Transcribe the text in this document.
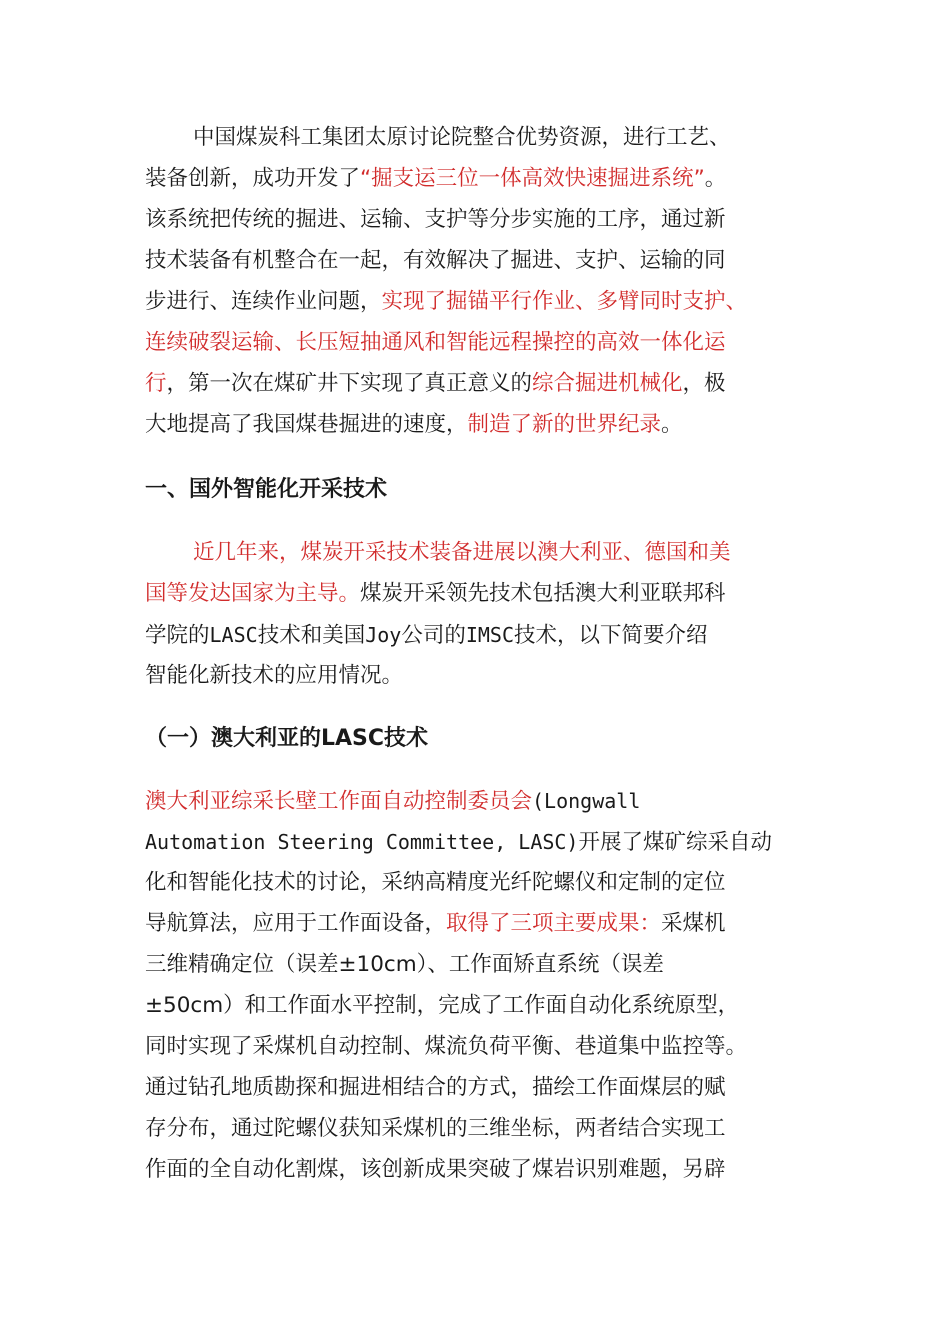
中国煤炭科工集团太原讨论院整合优势资源，进行工艺、
装备创新，成功开发了“掘支运三位一体高效快速掘进系统”。
该系统把传统的掘进、运输、支护等分步实施的工序，通过新
技术装备有机整合在一起，有效解决了掘进、支护、运输的同
步进行、连续作业问题，实现了掘锚平行作业、多臂同时支护、
连续破裂运输、长压短抽通风和智能远程操控的高效一体化运
行，第一次在煤矿井下实现了真正意义的综合掘进机械化，极
大地提高了我国煤巷掘进的速度，制造了新的世界纪录。
一、国外智能化开采技术
近几年来，煤炭开采技术装备进展以澳大利亚、德国和美
国等发达国家为主导。煤炭开采领先技术包括澳大利亚联邦科
学院的LASC技术和美国Joy公司的IMSC技术，以下简要介绍
智能化新技术的应用情况。
（一）澳大利亚的LASC技术
澳大利亚综采长壁工作面自动控制委员会(Longwall
Automation Steering Committee, LASC)开展了煤矿综采自动
化和智能化技术的讨论，采纳高精度光纤陀螺仪和定制的定位
导航算法，应用于工作面设备，取得了三项主要成果：采煤机
三维精确定位（误差±10cm）、工作面矫直系统（误差
±50cm）和工作面水平控制，完成了工作面自动化系统原型，
同时实现了采煤机自动控制、煤流负荷平衡、巷道集中监控等。
通过钻孔地质勘探和掘进相结合的方式，描绘工作面煤层的赋
存分布，通过陀螺仪获知采煤机的三维坐标，两者结合实现工
作面的全自动化割煤，该创新成果突破了煤岩识别难题，另辟
